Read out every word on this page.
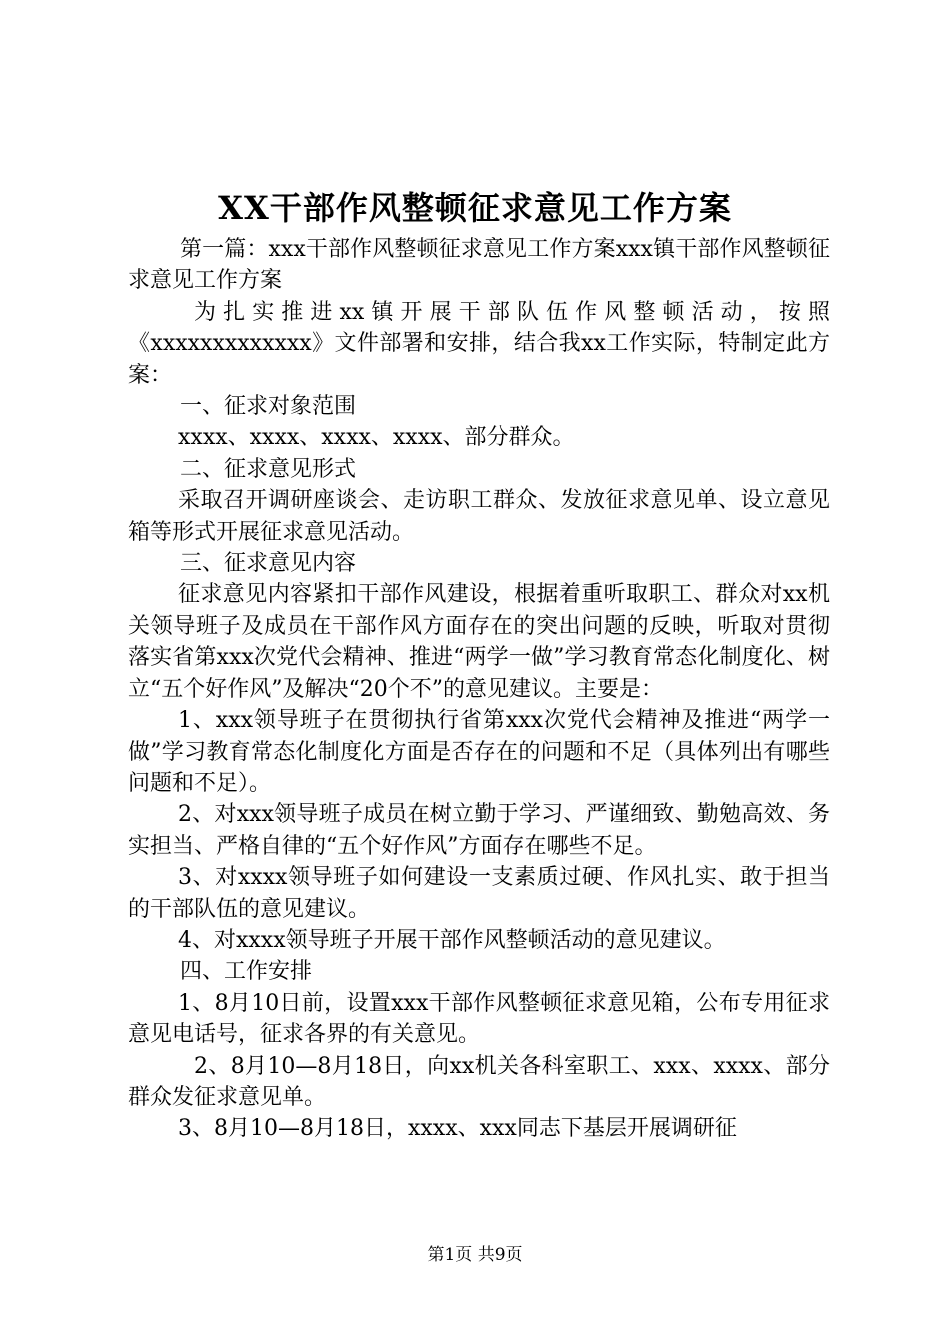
XX干部作风整顿征求意见工作方案

第一篇：xxx干部作风整顿征求意见工作方案xxx镇干部作风整顿征求意见工作方案

为扎实推进xx镇开展干部队伍作风整顿活动，按照《xxxxxxxxxxxxx》文件部署和安排，结合我xx工作实际，特制定此方案：

一、征求对象范围

xxxx、xxxx、xxxx、xxxx、部分群众。

二、征求意见形式

采取召开调研座谈会、走访职工群众、发放征求意见单、设立意见箱等形式开展征求意见活动。

三、征求意见内容

征求意见内容紧扣干部作风建设，根据着重听取职工、群众对xx机关领导班子及成员在干部作风方面存在的突出问题的反映，听取对贯彻落实省第xxx次党代会精神、推进“两学一做”学习教育常态化制度化、树立“五个好作风”及解决“20个不”的意见建议。主要是：

1、xxx领导班子在贯彻执行省第xxx次党代会精神及推进“两学一做”学习教育常态化制度化方面是否存在的问题和不足（具体列出有哪些问题和不足）。

2、对xxx领导班子成员在树立勤于学习、严谨细致、勤勉高效、务实担当、严格自律的“五个好作风”方面存在哪些不足。

3、对xxxx领导班子如何建设一支素质过硬、作风扎实、敢于担当的干部队伍的意见建议。

4、对xxxx领导班子开展干部作风整顿活动的意见建议。

四、工作安排

1、8月10日前，设置xxx干部作风整顿征求意见箱，公布专用征求意见电话号，征求各界的有关意见。

2、8月10—8月18日，向xx机关各科室职工、xxx、xxxx、部分群众发征求意见单。

3、8月10—8月18日，xxxx、xxx同志下基层开展调研征

第1页 共9页
